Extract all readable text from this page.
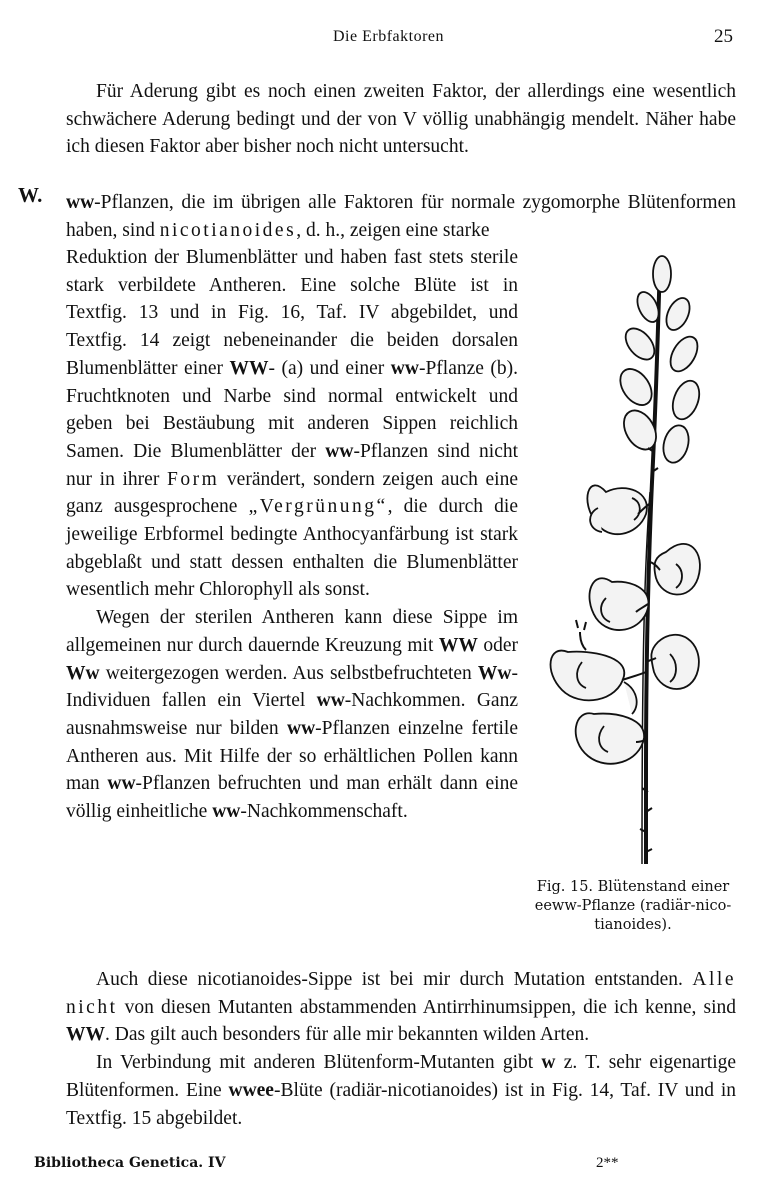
Die Erbfaktoren	25

Für Aderung gibt es noch einen zweiten Faktor, der allerdings eine wesentlich schwächere Aderung bedingt und der von V völlig unabhängig mendelt. Näher habe ich diesen Faktor aber bisher noch nicht untersucht.

W. ww-Pflanzen, die im übrigen alle Faktoren für normale zygomorphe Blütenformen haben, sind nicotianoides, d. h., zeigen eine starke

Reduktion der Blumenblätter und haben fast stets sterile stark verbildete Antheren. Eine solche Blüte ist in Textfig. 13 und in Fig. 16, Taf. IV abgebildet, und Textfig. 14 zeigt nebeneinander die beiden dorsalen Blumenblätter einer WW- (a) und einer ww-Pflanze (b). Fruchtknoten und Narbe sind normal entwickelt und geben bei Bestäubung mit anderen Sippen reichlich Samen. Die Blumenblätter der ww-Pflanzen sind nicht nur in ihrer Form verändert, sondern zeigen auch eine ganz ausgesprochene „Vergrünung“, die durch die jeweilige Erbformel bedingte Anthocyanfärbung ist stark abgeblaßt und statt dessen enthalten die Blumenblätter wesentlich mehr Chlorophyll als sonst.

Wegen der sterilen Antheren kann diese Sippe im allgemeinen nur durch dauernde Kreuzung mit WW oder Ww weitergezogen werden. Aus selbstbefruchteten Ww-Individuen fallen ein Viertel ww-Nachkommen. Ganz ausnahmsweise nur bilden ww-Pflanzen einzelne fertile Antheren aus. Mit Hilfe der so erhältlichen Pollen kann man ww-Pflanzen befruchten und man erhält dann eine völlig einheitliche ww-Nachkommenschaft.

Fig. 15. Blütenstand einer
eeww-Pflanze (radiär-nico-
tianoides).

Auch diese nicotianoides-Sippe ist bei mir durch Mutation entstanden. Alle nicht von diesen Mutanten abstammenden Antirrhinumsippen, die ich kenne, sind WW. Das gilt auch besonders für alle mir bekannten wilden Arten.

In Verbindung mit anderen Blütenform-Mutanten gibt w z. T. sehr eigenartige Blütenformen. Eine wwee-Blüte (radiär-nicotianoides) ist in Fig. 14, Taf. IV und in Textfig. 15 abgebildet.

Bibliotheca Genetica. IV	2**
